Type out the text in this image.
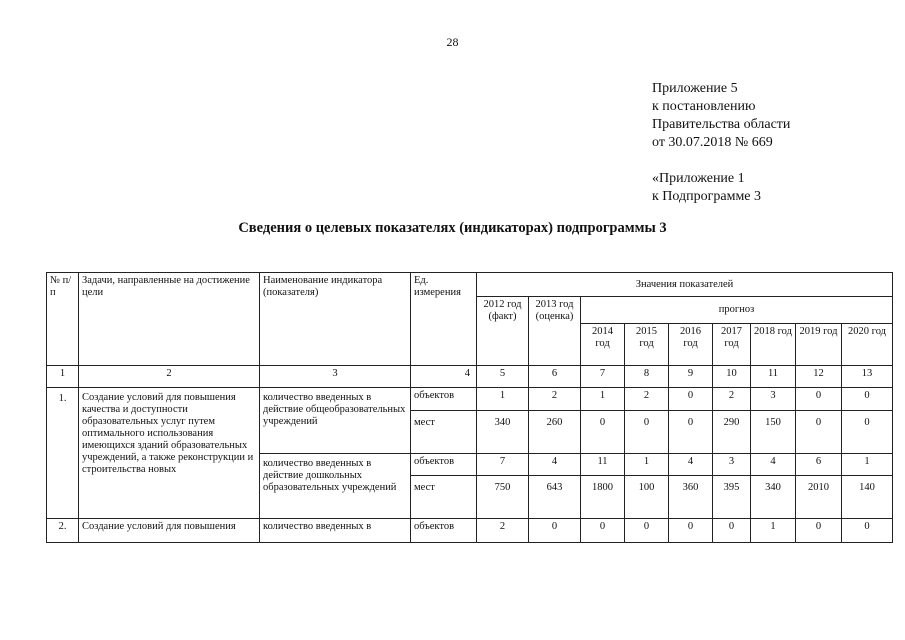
28
Приложение 5
к постановлению
Правительства области
от 30.07.2018 № 669
«Приложение 1
к Подпрограмме 3
Сведения о целевых показателях (индикаторах) подпрограммы 3
№ п/п	Задачи, направленные на достижение цели	Наименование индикатора (показателя)	Ед. измерения	Значения показателей								
				2012 год (факт)	2013 год (оценка)	прогноз						
						2014 год	2015 год	2016 год	2017 год	2018 год	2019 год	2020 год
1	2	3	4	5	6	7	8	9	10	11	12	13
1.	Создание условий для повышения качества и доступности образовательных услуг путем оптимального использования имеющихся зданий образовательных учреждений, а также реконструкции и строительства новых	количество введенных в действие общеобразовательных учреждений	объектов	1	2	1	2	0	2	3	0	0
			мест	340	260	0	0	0	290	150	0	0
		количество введенных в действие дошкольных образовательных учреждений	объектов	7	4	11	1	4	3	4	6	1
			мест	750	643	1800	100	360	395	340	2010	140
2.	Создание условий для повышения	количество введенных в	объектов	2	0	0	0	0	0	1	0	0
